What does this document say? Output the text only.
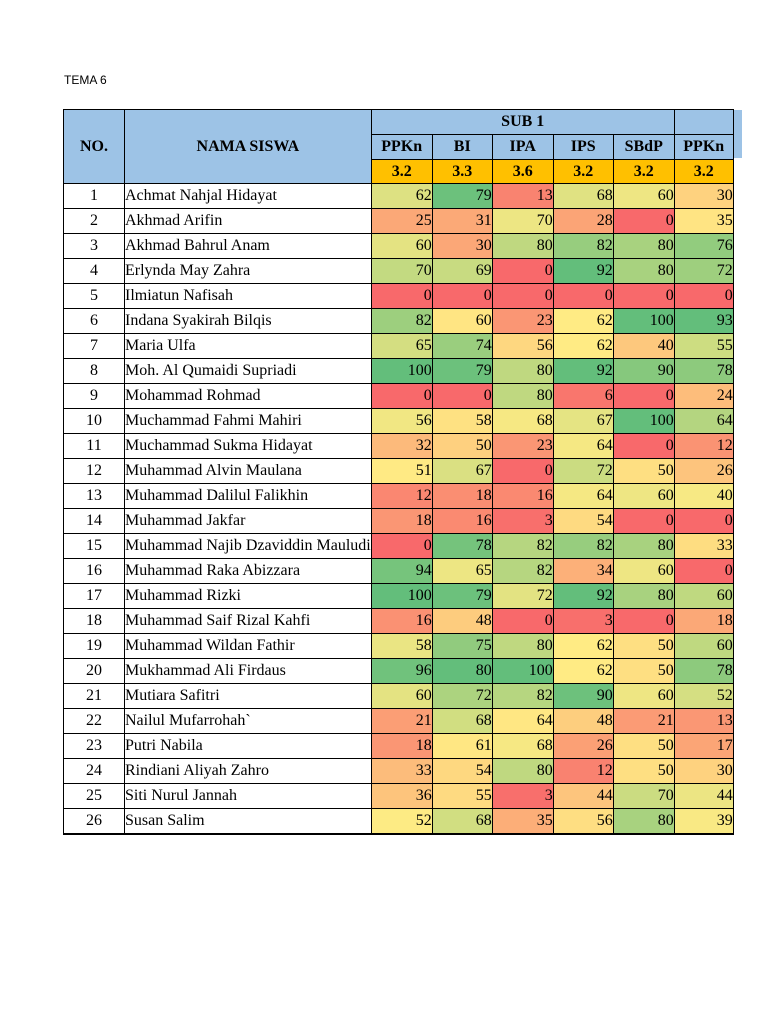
TEMA 6
NO.	NAMA SISWA	SUB 1					
		PPKn	BI	IPA	IPS	SBdP	PPKn
		3.2	3.3	3.6	3.2	3.2	3.2
1	Achmat Nahjal Hidayat	62	79	13	68	60	30
2	Akhmad Arifin	25	31	70	28	0	35
3	Akhmad Bahrul Anam	60	30	80	82	80	76
4	Erlynda May Zahra	70	69	0	92	80	72
5	Ilmiatun Nafisah	0	0	0	0	0	0
6	Indana Syakirah Bilqis	82	60	23	62	100	93
7	Maria Ulfa	65	74	56	62	40	55
8	Moh. Al Qumaidi Supriadi	100	79	80	92	90	78
9	Mohammad Rohmad	0	0	80	6	0	24
10	Muchammad Fahmi Mahiri	56	58	68	67	100	64
11	Muchammad Sukma Hidayat	32	50	23	64	0	12
12	Muhammad Alvin Maulana	51	67	0	72	50	26
13	Muhammad Dalilul Falikhin	12	18	16	64	60	40
14	Muhammad Jakfar	18	16	3	54	0	0
15	Muhammad Najib Dzaviddin Mauludi	0	78	82	82	80	33
16	Muhammad Raka Abizzara	94	65	82	34	60	0
17	Muhammad Rizki	100	79	72	92	80	60
18	Muhammad Saif Rizal Kahfi	16	48	0	3	0	18
19	Muhammad Wildan Fathir	58	75	80	62	50	60
20	Mukhammad Ali Firdaus	96	80	100	62	50	78
21	Mutiara Safitri	60	72	82	90	60	52
22	Nailul Mufarrohah`	21	68	64	48	21	13
23	Putri Nabila	18	61	68	26	50	17
24	Rindiani Aliyah Zahro	33	54	80	12	50	30
25	Siti Nurul Jannah	36	55	3	44	70	44
26	Susan Salim	52	68	35	56	80	39
